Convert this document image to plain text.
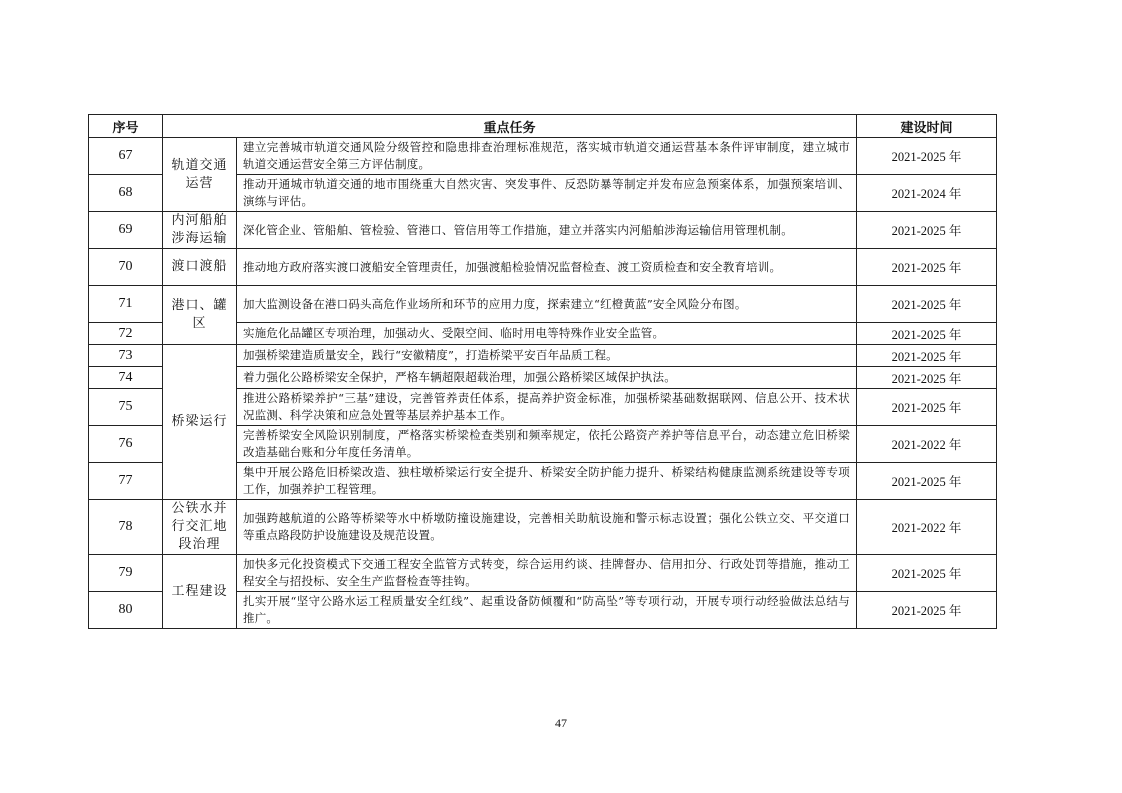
序号	重点任务		建设时间
67	轨道交通运营	建立完善城市轨道交通风险分级管控和隐患排查治理标准规范，落实城市轨道交通运营基本条件评审制度，建立城市轨道交通运营安全第三方评估制度。	2021-2025 年
68		推动开通城市轨道交通的地市围绕重大自然灾害、突发事件、反恐防暴等制定并发布应急预案体系，加强预案培训、演练与评估。	2021-2024 年
69	内河船舶涉海运输	深化管企业、管船舶、管检验、管港口、管信用等工作措施，建立并落实内河船舶涉海运输信用管理机制。	2021-2025 年
70	渡口渡船	推动地方政府落实渡口渡船安全管理责任，加强渡船检验情况监督检查、渡工资质检查和安全教育培训。	2021-2025 年
71	港口、罐区	加大监测设备在港口码头高危作业场所和环节的应用力度，探索建立“红橙黄蓝”安全风险分布图。	2021-2025 年
72		实施危化品罐区专项治理，加强动火、受限空间、临时用电等特殊作业安全监管。	2021-2025 年
73	桥梁运行	加强桥梁建造质量安全，践行“安徽精度”，打造桥梁平安百年品质工程。	2021-2025 年
74		着力强化公路桥梁安全保护，严格车辆超限超载治理，加强公路桥梁区域保护执法。	2021-2025 年
75		推进公路桥梁养护“三基”建设，完善管养责任体系，提高养护资金标准，加强桥梁基础数据联网、信息公开、技术状况监测、科学决策和应急处置等基层养护基本工作。	2021-2025 年
76		完善桥梁安全风险识别制度，严格落实桥梁检查类别和频率规定，依托公路资产养护等信息平台，动态建立危旧桥梁改造基础台账和分年度任务清单。	2021-2022 年
77		集中开展公路危旧桥梁改造、独柱墩桥梁运行安全提升、桥梁安全防护能力提升、桥梁结构健康监测系统建设等专项工作，加强养护工程管理。	2021-2025 年
78	公铁水并行交汇地段治理	加强跨越航道的公路等桥梁等水中桥墩防撞设施建设，完善相关助航设施和警示标志设置；强化公铁立交、平交道口等重点路段防护设施建设及规范设置。	2021-2022 年
79	工程建设	加快多元化投资模式下交通工程安全监管方式转变，综合运用约谈、挂牌督办、信用扣分、行政处罚等措施，推动工程安全与招投标、安全生产监督检查等挂钩。	2021-2025 年
80		扎实开展“坚守公路水运工程质量安全红线”、起重设备防倾覆和“防高坠”等专项行动，开展专项行动经验做法总结与推广。	2021-2025 年
47
